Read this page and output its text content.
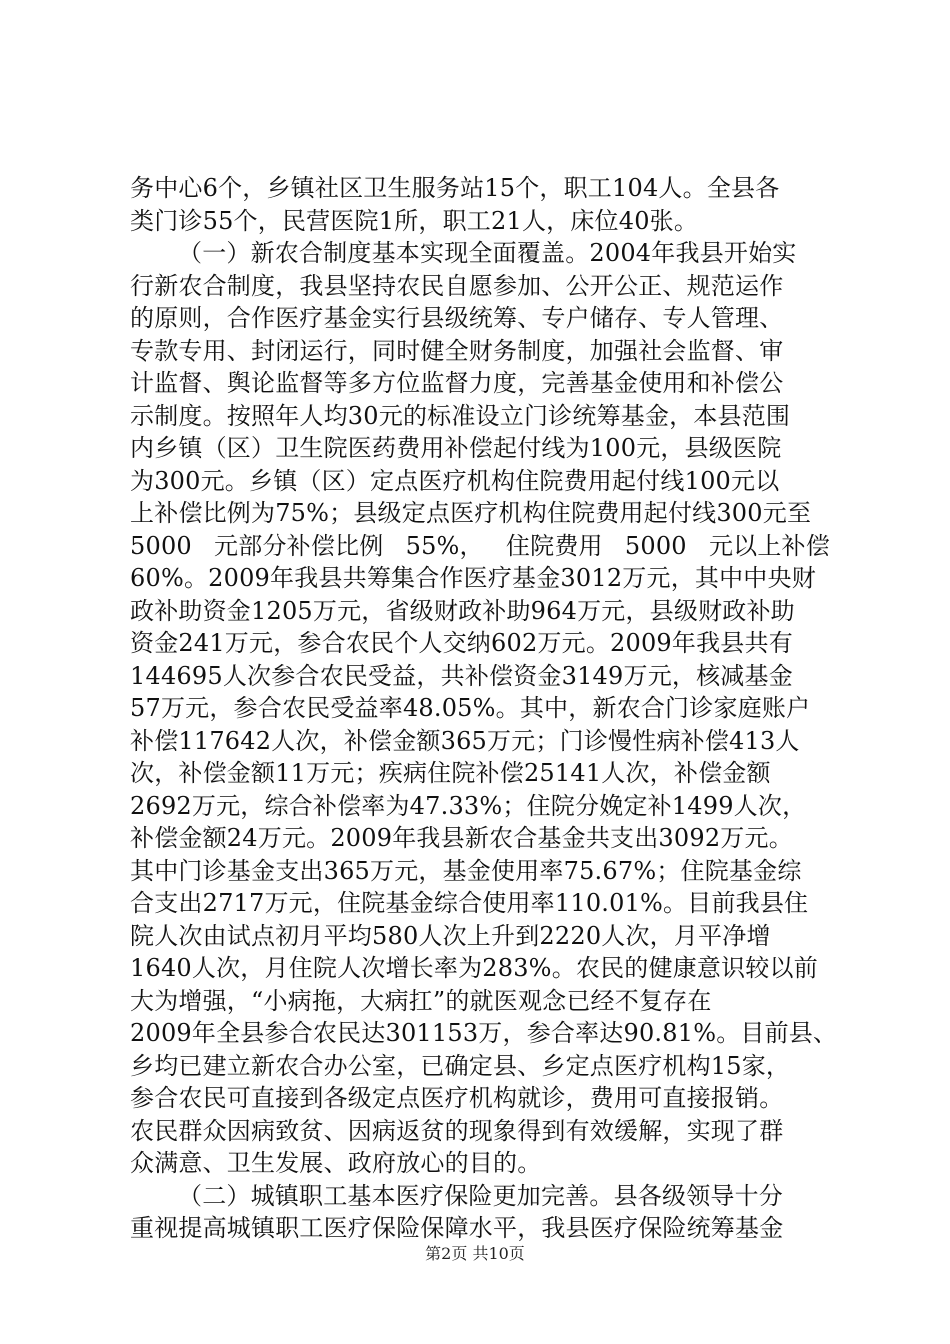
务中心6个，乡镇社区卫生服务站15个，职工104人。全县各
类门诊55个，民营医院1所，职工21人，床位40张。
（一）新农合制度基本实现全面覆盖。2004年我县开始实
行新农合制度，我县坚持农民自愿参加、公开公正、规范运作
的原则，合作医疗基金实行县级统筹、专户储存、专人管理、
专款专用、封闭运行，同时健全财务制度，加强社会监督、审
计监督、舆论监督等多方位监督力度，完善基金使用和补偿公
示制度。按照年人均30元的标准设立门诊统筹基金，本县范围
内乡镇（区）卫生院医药费用补偿起付线为100元，县级医院
为300元。乡镇（区）定点医疗机构住院费用起付线100元以
上补偿比例为75%；县级定点医疗机构住院费用起付线300元至
5000 元部分补偿比例 55%， 住院费用 5000 元以上补偿
60%。2009年我县共筹集合作医疗基金3012万元，其中中央财
政补助资金1205万元，省级财政补助964万元，县级财政补助
资金241万元，参合农民个人交纳602万元。2009年我县共有
144695人次参合农民受益，共补偿资金3149万元，核减基金
57万元，参合农民受益率48.05%。其中，新农合门诊家庭账户
补偿117642人次，补偿金额365万元；门诊慢性病补偿413人
次，补偿金额11万元；疾病住院补偿25141人次，补偿金额
2692万元，综合补偿率为47.33%；住院分娩定补1499人次，
补偿金额24万元。2009年我县新农合基金共支出3092万元。
其中门诊基金支出365万元，基金使用率75.67%；住院基金综
合支出2717万元，住院基金综合使用率110.01%。目前我县住
院人次由试点初月平均580人次上升到2220人次，月平净增
1640人次，月住院人次增长率为283%。农民的健康意识较以前
大为增强，“小病拖，大病扛”的就医观念已经不复存在
2009年全县参合农民达301153万，参合率达90.81%。目前县、
乡均已建立新农合办公室，已确定县、乡定点医疗机构15家，
参合农民可直接到各级定点医疗机构就诊，费用可直接报销。
农民群众因病致贫、因病返贫的现象得到有效缓解，实现了群
众满意、卫生发展、政府放心的目的。
（二）城镇职工基本医疗保险更加完善。县各级领导十分
重视提高城镇职工医疗保险保障水平，我县医疗保险统筹基金
第2页 共10页
